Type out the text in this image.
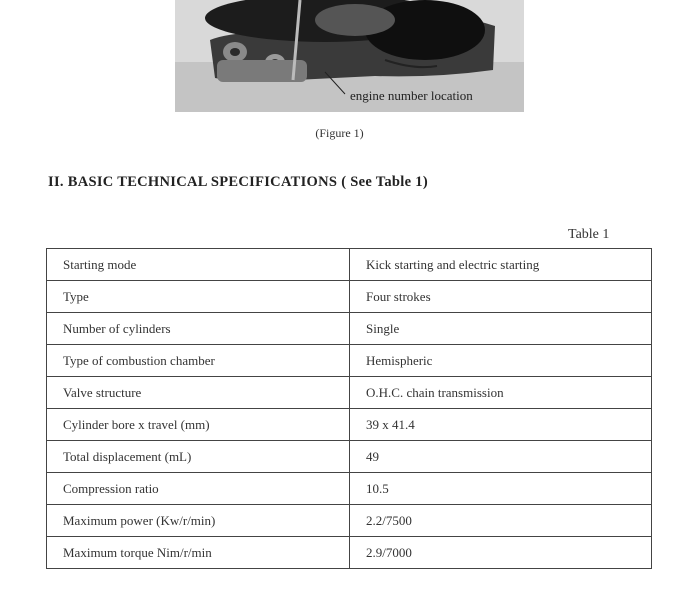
engine number location
(Figure 1)
II. BASIC TECHNICAL SPECIFICATIONS ( See Table 1)
Table 1
Starting mode	Kick starting and electric starting
Type	Four strokes
Number of cylinders	Single
Type of combustion chamber	Hemispheric
Valve structure	O.H.C. chain transmission
Cylinder bore x travel (mm)	39 x 41.4
Total displacement (mL)	49
Compression ratio	10.5
Maximum power (Kw/r/min)	2.2/7500
Maximum torque Nim/r/min	2.9/7000
